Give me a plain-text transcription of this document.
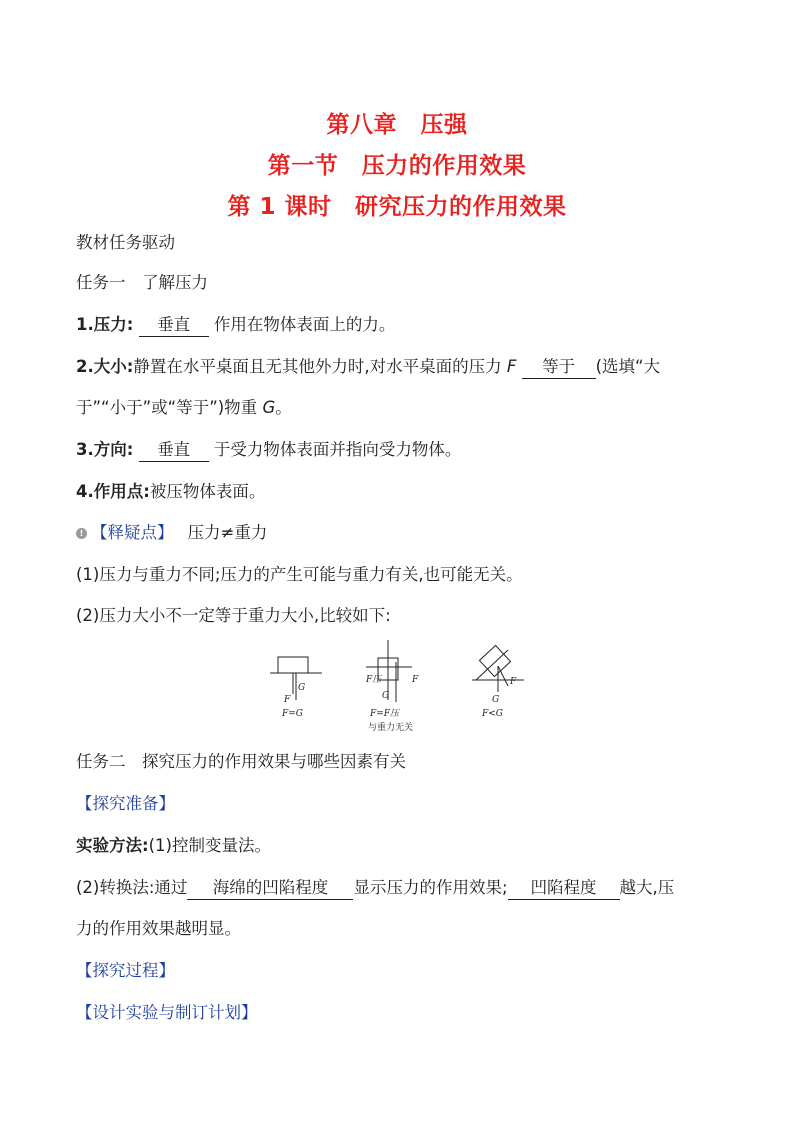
第八章　压强
第一节　压力的作用效果
第 1 课时　研究压力的作用效果
教材任务驱动
任务一　了解压力
1.压力: 垂直 作用在物体表面上的力。
2.大小:静置在水平桌面且无其他外力时,对水平桌面的压力 F 等于 (选填“大
于”“小于”或“等于”)物重 G。
3.方向: 垂直 于受力物体表面并指向受力物体。
4.作用点:被压物体表面。
! 【释疑点】 压力≠重力
(1)压力与重力不同;压力的产生可能与重力有关,也可能无关。
(2)压力大小不一定等于重力大小,比较如下:
G
F
F=G
F压	F
G
F=F压
与重力无关
F
G
F<G
任务二　探究压力的作用效果与哪些因素有关
【探究准备】
实验方法:(1)控制变量法。
(2)转换法:通过 海绵的凹陷程度 显示压力的作用效果; 凹陷程度 越大,压
力的作用效果越明显。
【探究过程】
【设计实验与制订计划】
